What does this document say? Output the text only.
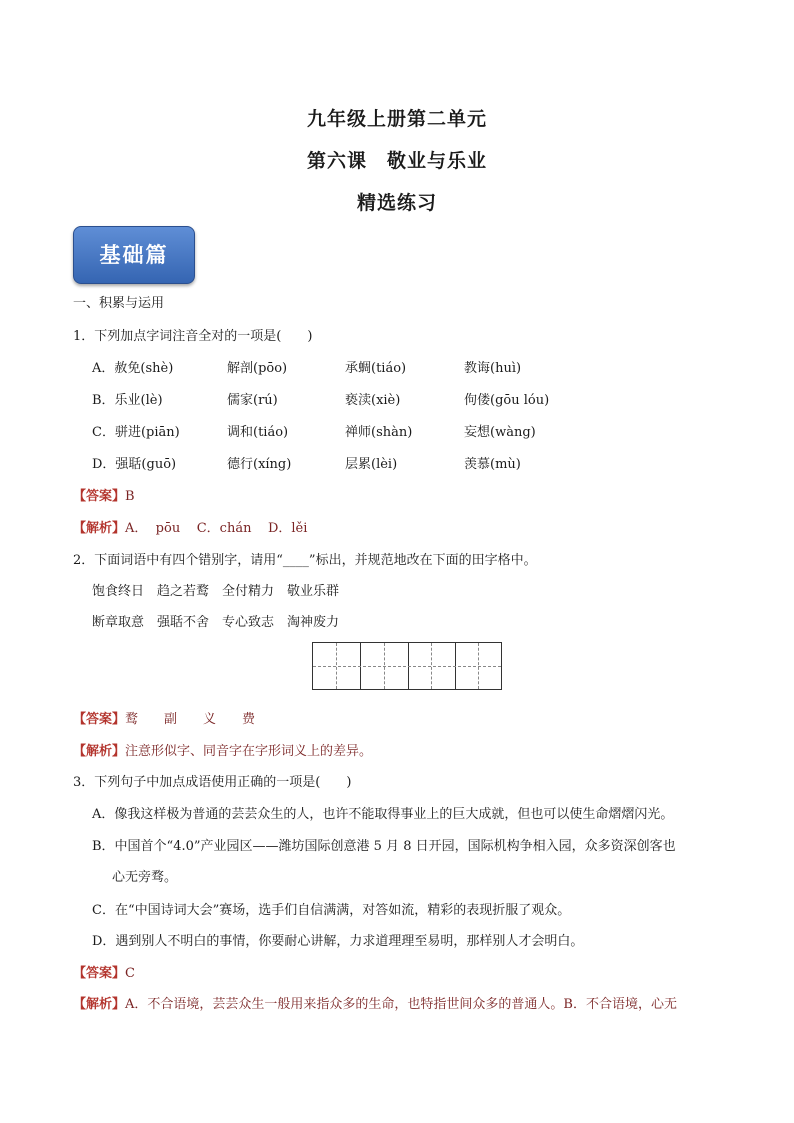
九年级上册第二单元
第六课　敬业与乐业
精选练习
基础篇
一、积累与运用
1．下列加点字词注音全对的一项是(　　)
A．赦免(shè)	解剖(pōo)	承蜩(tiáo)	教诲(huì)
B．乐业(lè)	儒家(rú)	亵渎(xiè)	佝偻(gōu lóu)
C．骈进(piān)	调和(tiáo)	禅师(shàn)	妄想(wàng)
D．强聒(guō)	德行(xíng)	层累(lèi)	羡慕(mù)
【答案】B
【解析】A．  pōu    C．chán    D．lěi
2．下面词语中有四个错别字，请用“____”标出，并规范地改在下面的田字格中。
饱食终日　趋之若鹜　全付精力　敬业乐群
断章取意　强聒不舍　专心致志　淘神废力
【答案】鹜　　副　　义　　费
【解析】注意形似字、同音字在字形词义上的差异。
3．下列句子中加点成语使用正确的一项是(　　)
A．像我这样极为普通的芸芸众生的人，也许不能取得事业上的巨大成就，但也可以使生命熠熠闪光。
B．中国首个“4.0”产业园区——潍坊国际创意港 5 月 8 日开园，国际机构争相入园，众多资深创客也
心无旁骛。
C．在“中国诗词大会”赛场，选手们自信满满，对答如流，精彩的表现折服了观众。
D．遇到别人不明白的事情，你要耐心讲解，力求道理理至易明，那样别人才会明白。
【答案】C
【解析】A．不合语境，芸芸众生一般用来指众多的生命，也特指世间众多的普通人。B．不合语境，心无
